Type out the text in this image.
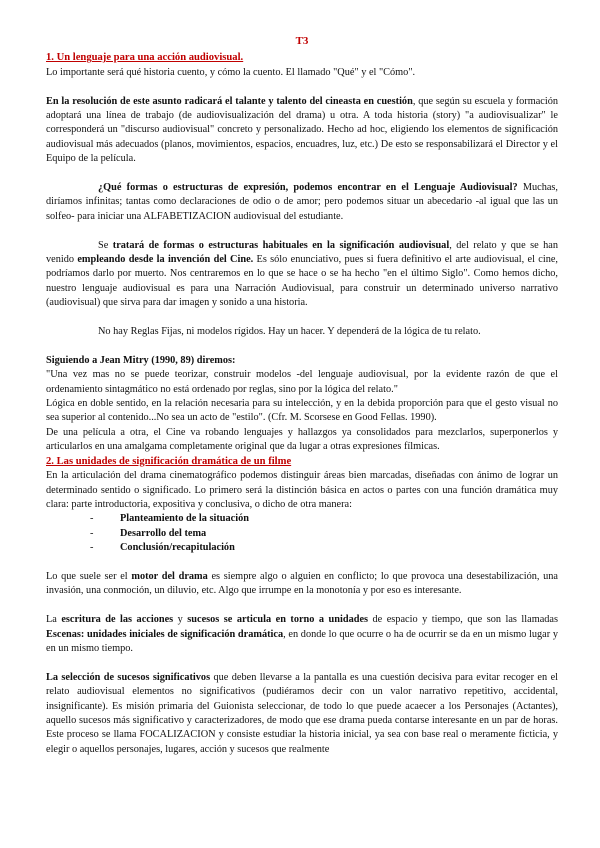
T3
1. Un lenguaje para una acción audiovisual.

Lo importante será qué historia cuento, y cómo la cuento. El llamado "Qué" y el "Cómo".

En la resolución de este asunto radicará el talante y talento del cineasta en cuestión, que según su escuela y formación adoptará una línea de trabajo (de audiovisualización del drama) u otra. A toda historia (story) "a audiovisualizar" le corresponderá un "discurso audiovisual" concreto y personalizado. Hecho ad hoc, eligiendo los elementos de significación audiovisual más adecuados (planos, movimientos, espacios, encuadres, luz, etc.) De esto se responsabilizará el Director y el Equipo de la película.

¿Qué formas o estructuras de expresión, podemos encontrar en el Lenguaje Audiovisual? Muchas, diríamos infinitas; tantas como declaraciones de odio o de amor; pero podemos situar un abecedario -al igual que las un solfeo- para iniciar una ALFABETIZACION audiovisual del estudiante.

Se tratará de formas o estructuras habituales en la significación audiovisual, del relato y que se han venido empleando desde la invención del Cine. Es sólo enunciativo, pues si fuera definitivo el arte audiovisual, el cine, podríamos darlo por muerto. Nos centraremos en lo que se hace o se ha hecho "en el último Siglo". Como hemos dicho, nuestro lenguaje audiovisual es para una Narración Audiovisual, para construir un determinado universo narrativo (audiovisual) que sirva para dar imagen y sonido a una historia.

No hay Reglas Fijas, ni modelos rígidos. Hay un hacer. Y dependerá de la lógica de tu relato.

Siguiendo a Jean Mitry (1990, 89) diremos:

"Una vez mas no se puede teorizar, construir modelos -del lenguaje audiovisual, por la evidente razón de que el ordenamiento sintagmático no está ordenado por reglas, sino por la lógica del relato."

Lógica en doble sentido, en la relación necesaria para su intelección, y en la debida proporción para que el gesto visual no sea superior al contenido...No sea un acto de "estilo". (Cfr. M. Scorsese en Good Fellas. 1990).

De una película a otra, el Cine va robando lenguajes y hallazgos ya consolidados para mezclarlos, superponerlos y articularlos en una amalgama completamente original que da lugar a otras expresiones fílmicas.

2. Las unidades de significación dramática de un filme

En la articulación del drama cinematográfico podemos distinguir áreas bien marcadas, diseñadas con ánimo de lograr un determinado sentido o significado. Lo primero será la distinción básica en actos o partes con una función dramática muy clara: parte introductoria, expositiva y conclusiva, o dicho de otra manera:

-	Planteamiento de la situación
-	Desarrollo del tema
-	Conclusión/recapitulación

Lo que suele ser el motor del drama es siempre algo o alguien en conflicto; lo que provoca una desestabilización, una invasión, una conmoción, un diluvio, etc. Algo que irrumpe en la monotonía y por eso es interesante.

La escritura de las acciones y sucesos se articula en torno a unidades de espacio y tiempo, que son las llamadas Escenas: unidades iniciales de significación dramática, en donde lo que ocurre o ha de ocurrir se da en un mismo lugar y en un mismo tiempo.

La selección de sucesos significativos que deben llevarse a la pantalla es una cuestión decisiva para evitar recoger en el relato audiovisual elementos no significativos (pudiéramos decir con un valor narrativo repetitivo, accidental, insignificante). Es misión primaria del Guionista seleccionar, de todo lo que puede acaecer a los Personajes (Actantes), aquello sucesos más significativo y caracterizadores, de modo que ese drama pueda contarse interesante en un par de horas. Este proceso se llama FOCALIZACION y consiste estudiar la historia inicial, ya sea con base real o meramente ficticia, y elegir o aquellos personajes, lugares, acción y sucesos que realmente
